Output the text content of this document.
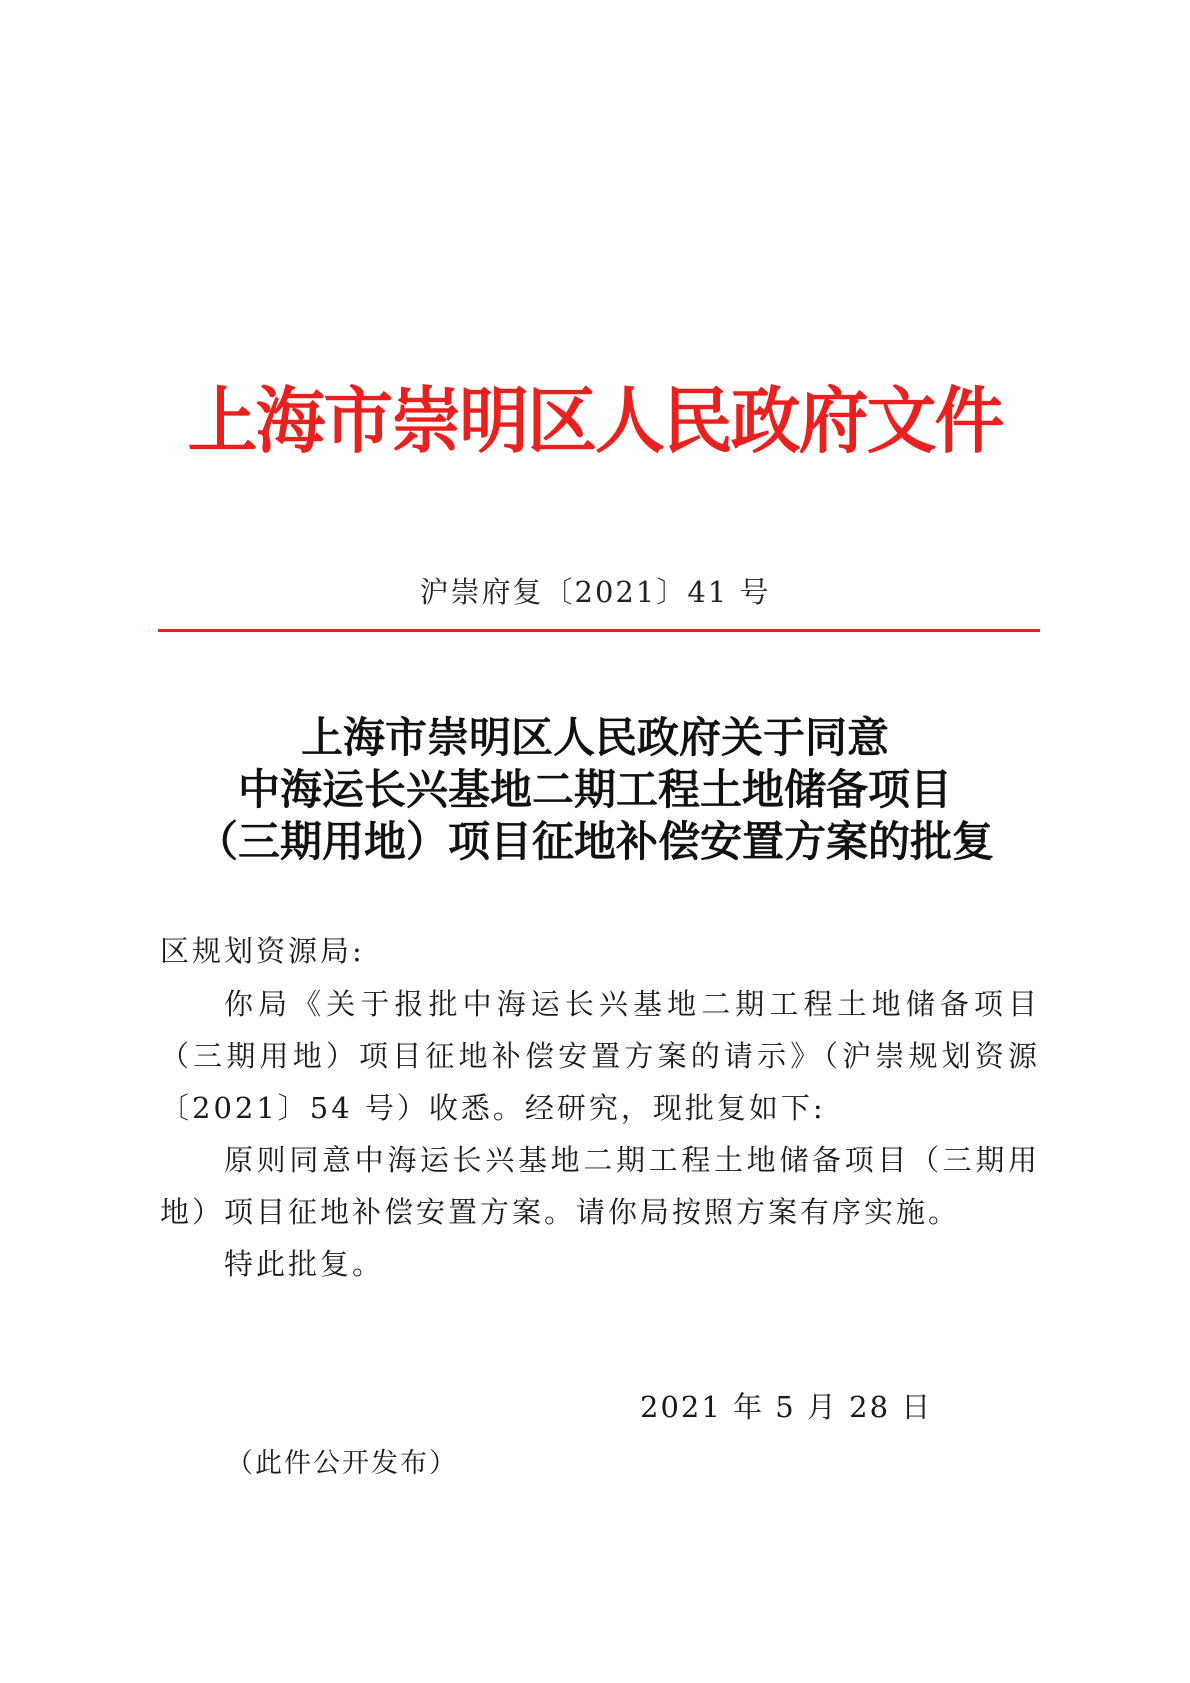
上海市崇明区人民政府文件
沪崇府复〔2021〕41 号
上海市崇明区人民政府关于同意
中海运长兴基地二期工程土地储备项目
（三期用地）项目征地补偿安置方案的批复
区规划资源局:
你局《关于报批中海运长兴基地二期工程土地储备项目（三期用地）项目征地补偿安置方案的请示》（沪崇规划资源〔2021〕54 号）收悉。经研究，现批复如下:
原则同意中海运长兴基地二期工程土地储备项目（三期用地）项目征地补偿安置方案。请你局按照方案有序实施。
特此批复。
2021 年 5 月 28 日
（此件公开发布）
